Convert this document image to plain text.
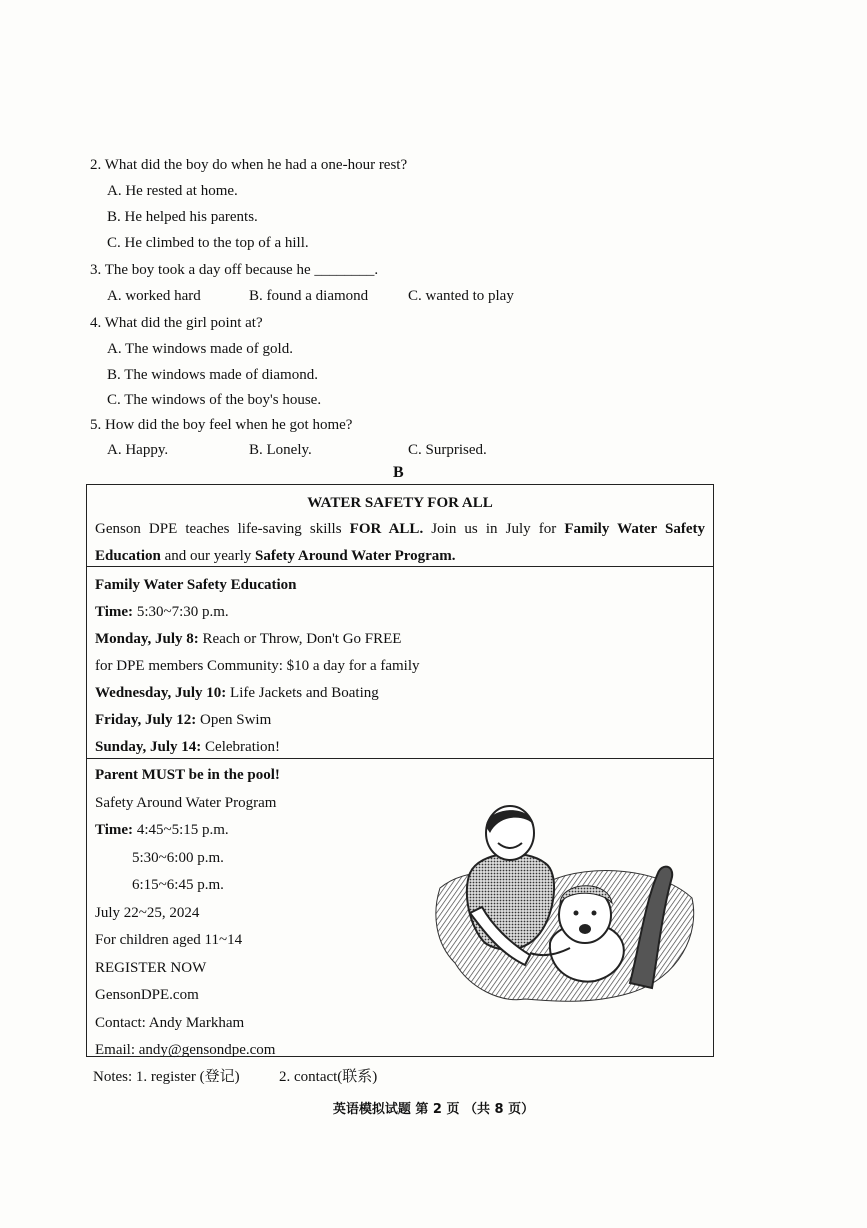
2. What did the boy do when he had a one-hour rest?
A. He rested at home.
B. He helped his parents.
C. He climbed to the top of a hill.
3. The boy took a day off because he ________.
A. worked hard	B. found a diamond	C. wanted to play
4. What did the girl point at?
A. The windows made of gold.
B. The windows made of diamond.
C. The windows of the boy's house.
5. How did the boy feel when he got home?
A. Happy.	B. Lonely.	C. Surprised.
B
WATER SAFETY FOR ALL
Genson DPE teaches life-saving skills FOR ALL. Join us in July for Family Water Safety
Education and our yearly Safety Around Water Program.
Family Water Safety Education
Time: 5:30~7:30 p.m.
Monday, July 8: Reach or Throw, Don't Go FREE
for DPE members Community: $10 a day for a family
Wednesday, July 10: Life Jackets and Boating
Friday, July 12: Open Swim
Sunday, July 14: Celebration!
Parent MUST be in the pool!
Safety Around Water Program
Time: 4:45~5:15 p.m.
5:30~6:00 p.m.
6:15~6:45 p.m.
July 22~25, 2024
For children aged 11~14
REGISTER NOW
GensonDPE.com
Contact: Andy Markham
Email: andy@gensondpe.com
Notes: 1. register (登记)	2. contact(联系)
英语模拟试题 第 2 页 （共 8 页）
